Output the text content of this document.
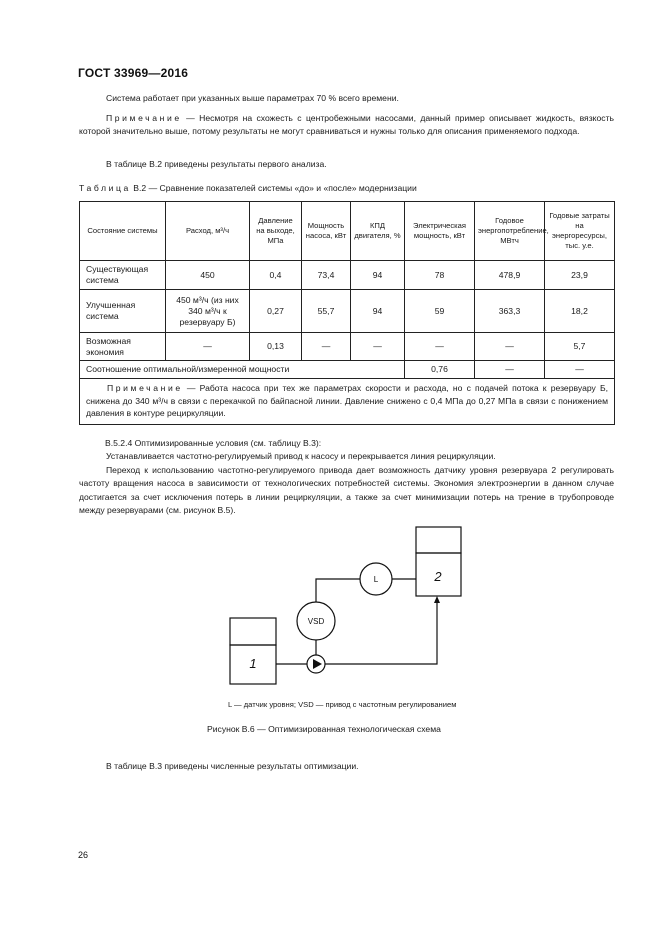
ГОСТ 33969—2016
Система работает при указанных выше параметрах 70 % всего времени.
Примечание — Несмотря на схожесть с центробежными насосами, данный пример описывает жидкость, вязкость которой значительно выше, потому результаты не могут сравниваться и нужны только для описания применяемого подхода.
В таблице В.2 приведены результаты первого анализа.
Таблица В.2 — Сравнение показателей системы «до» и «после» модернизации
Состояние системы	Расход, м³/ч	Давление на выходе, МПа	Мощность насоса, кВт	КПД двигателя, %	Электрическая мощность, кВт	Годовое энергопотребление, МВтч	Годовые затраты на энергоресурсы, тыс. у.е.
Существующая система	450	0,4	73,4	94	78	478,9	23,9
Улучшенная система	450 м³/ч (из них 340 м³/ч к резервуару Б)	0,27	55,7	94	59	363,3	18,2
Возможная экономия	—	0,13	—	—	—	—	5,7
Соотношение оптимальной/измеренной мощности					0,76	—	—
Примечание — Работа насоса при тех же параметрах скорости и расхода, но с подачей потока к резервуару Б, снижена до 340 м³/ч в связи с перекачкой по байпасной линии. Давление снижено с 0,4 МПа до 0,27 МПа в связи с понижением давления в контуре рециркуляции.							
В.5.2.4 Оптимизированные условия (см. таблицу В.3):
Устанавливается частотно-регулируемый привод к насосу и перекрывается линия рециркуляции.
Переход к использованию частотно-регулируемого привода дает возможность датчику уровня резервуара 2 регулировать частоту вращения насоса в зависимости от технологических потребностей системы. Экономия электроэнергии в данном случае достигается за счет исключения потерь в линии рециркуляции, а также за счет минимизации потерь на трение в трубопроводе между резервуарами (см. рисунок В.5).
1
2
VSD
L
L — датчик уровня; VSD — привод с частотным регулированием
Рисунок В.6 — Оптимизированная технологическая схема
В таблице В.3 приведены численные результаты оптимизации.
26
